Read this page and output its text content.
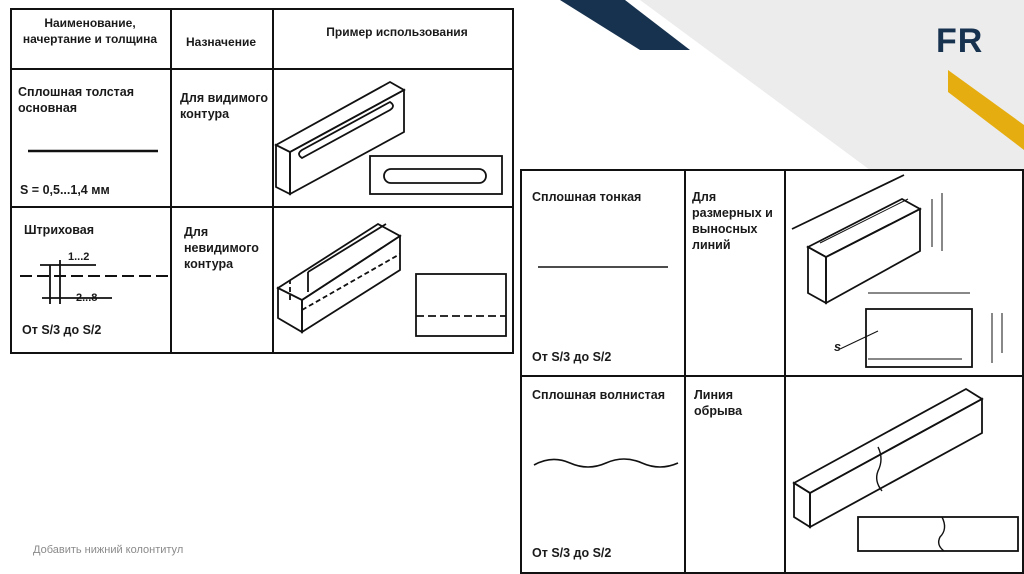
FR
Наименование, начертание и толщина	Назначение
Пример использования
Сплошная толстая основная
S = 0,5...1,4 мм
Для видимого контура
Штриховая
1...2
2...8
От S/3 до S/2
Для невидимого контура
Сплошная тонкая
От S/3 до S/2
Для размерных и выносных линий
s
Сплошная волнистая
От S/3 до S/2
Линия обрыва
Добавить нижний колонтитул
